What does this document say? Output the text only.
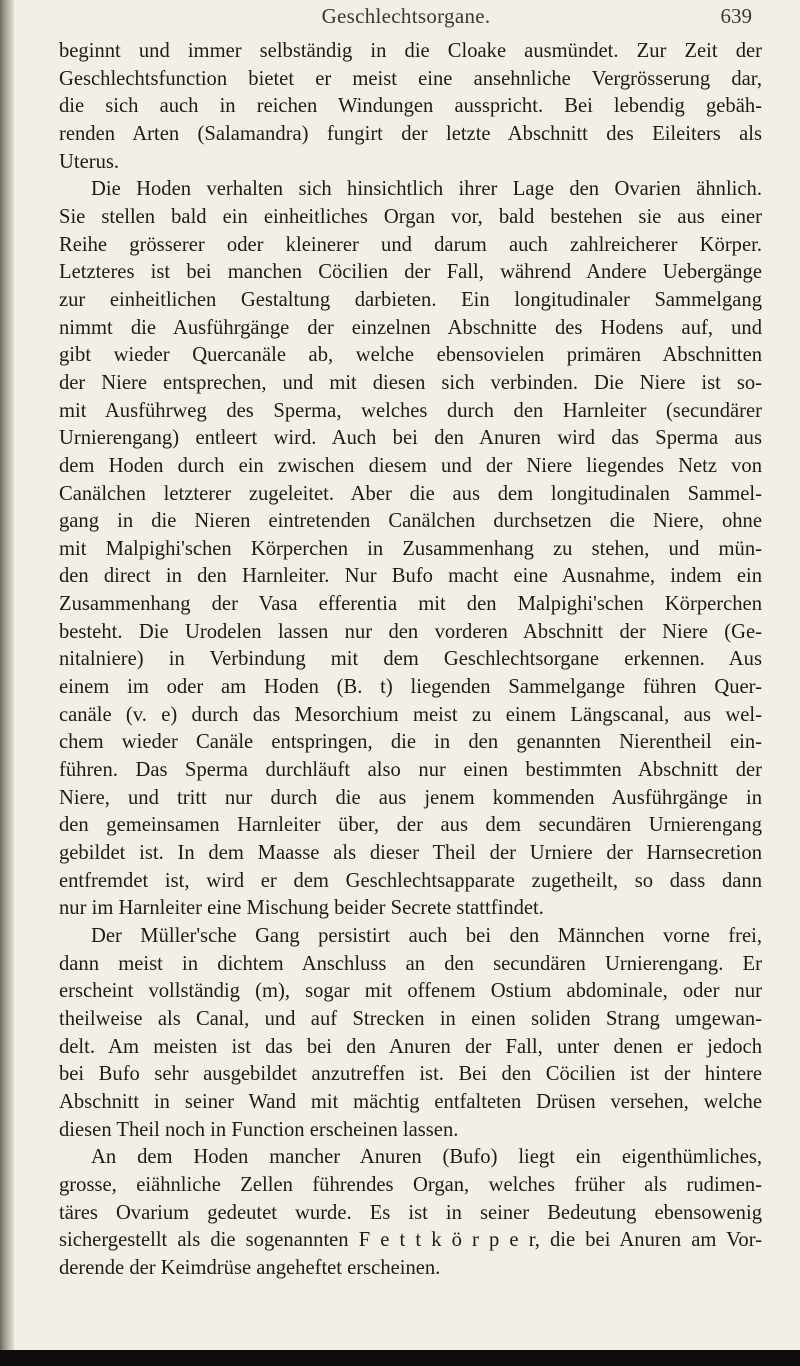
Geschlechtsorgane.	639
beginnt und immer selbständig in die Cloake ausmündet. Zur Zeit der
Geschlechtsfunction bietet er meist eine ansehnliche Vergrösserung dar,
die sich auch in reichen Windungen ausspricht. Bei lebendig gebäh-
renden Arten (Salamandra) fungirt der letzte Abschnitt des Eileiters als
Uterus.
Die Hoden verhalten sich hinsichtlich ihrer Lage den Ovarien ähnlich.
Sie stellen bald ein einheitliches Organ vor, bald bestehen sie aus einer
Reihe grösserer oder kleinerer und darum auch zahlreicherer Körper.
Letzteres ist bei manchen Cöcilien der Fall, während Andere Uebergänge
zur einheitlichen Gestaltung darbieten. Ein longitudinaler Sammelgang
nimmt die Ausführgänge der einzelnen Abschnitte des Hodens auf, und
gibt wieder Quercanäle ab, welche ebensovielen primären Abschnitten
der Niere entsprechen, und mit diesen sich verbinden. Die Niere ist so-
mit Ausführweg des Sperma, welches durch den Harnleiter (secundärer
Urnierengang) entleert wird. Auch bei den Anuren wird das Sperma aus
dem Hoden durch ein zwischen diesem und der Niere liegendes Netz von
Canälchen letzterer zugeleitet. Aber die aus dem longitudinalen Sammel-
gang in die Nieren eintretenden Canälchen durchsetzen die Niere, ohne
mit Malpighi'schen Körperchen in Zusammenhang zu stehen, und mün-
den direct in den Harnleiter. Nur Bufo macht eine Ausnahme, indem ein
Zusammenhang der Vasa efferentia mit den Malpighi'schen Körperchen
besteht. Die Urodelen lassen nur den vorderen Abschnitt der Niere (Ge-
nitalniere) in Verbindung mit dem Geschlechtsorgane erkennen. Aus
einem im oder am Hoden (B. t) liegenden Sammelgange führen Quer-
canäle (v. e) durch das Mesorchium meist zu einem Längscanal, aus wel-
chem wieder Canäle entspringen, die in den genannten Nierentheil ein-
führen. Das Sperma durchläuft also nur einen bestimmten Abschnitt der
Niere, und tritt nur durch die aus jenem kommenden Ausführgänge in
den gemeinsamen Harnleiter über, der aus dem secundären Urnierengang
gebildet ist. In dem Maasse als dieser Theil der Urniere der Harnsecretion
entfremdet ist, wird er dem Geschlechtsapparate zugetheilt, so dass dann
nur im Harnleiter eine Mischung beider Secrete stattfindet.
Der Müller'sche Gang persistirt auch bei den Männchen vorne frei,
dann meist in dichtem Anschluss an den secundären Urnierengang. Er
erscheint vollständig (m), sogar mit offenem Ostium abdominale, oder nur
theilweise als Canal, und auf Strecken in einen soliden Strang umgewan-
delt. Am meisten ist das bei den Anuren der Fall, unter denen er jedoch
bei Bufo sehr ausgebildet anzutreffen ist. Bei den Cöcilien ist der hintere
Abschnitt in seiner Wand mit mächtig entfalteten Drüsen versehen, welche
diesen Theil noch in Function erscheinen lassen.
An dem Hoden mancher Anuren (Bufo) liegt ein eigenthümliches,
grosse, eiähnliche Zellen führendes Organ, welches früher als rudimen-
täres Ovarium gedeutet wurde. Es ist in seiner Bedeutung ebensowenig
sichergestellt als die sogenannten F e t t k ö r p e r, die bei Anuren am Vor-
derende der Keimdrüse angeheftet erscheinen.
